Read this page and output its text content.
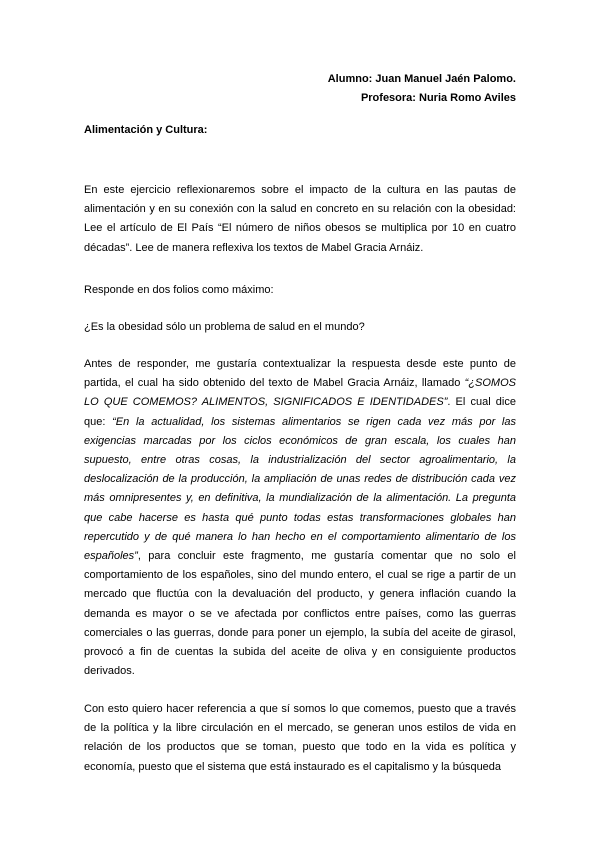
Alumno: Juan Manuel Jaén Palomo.
Profesora: Nuria Romo Aviles
Alimentación y Cultura:

En este ejercicio reflexionaremos sobre el impacto de la cultura en las pautas de alimentación y en su conexión con la salud en concreto en su relación con la obesidad: Lee el artículo de El País “El número de niños obesos se multiplica por 10 en cuatro décadas”. Lee de manera reflexiva los textos de Mabel Gracia Arnáiz.

Responde en dos folios como máximo:

¿Es la obesidad sólo un problema de salud en el mundo?

Antes de responder, me gustaría contextualizar la respuesta desde este punto de partida, el cual ha sido obtenido del texto de Mabel Gracia Arnáiz, llamado “¿SOMOS LO QUE COMEMOS? ALIMENTOS, SIGNIFICADOS E IDENTIDADES”. El cual dice que: “En la actualidad, los sistemas alimentarios se rigen cada vez más por las exigencias marcadas por los ciclos económicos de gran escala, los cuales han supuesto, entre otras cosas, la industrialización del sector agroalimentario, la deslocalización de la producción, la ampliación de unas redes de distribución cada vez más omnipresentes y, en definitiva, la mundialización de la alimentación. La pregunta que cabe hacerse es hasta qué punto todas estas transformaciones globales han repercutido y de qué manera lo han hecho en el comportamiento alimentario de los españoles”, para concluir este fragmento, me gustaría comentar que no solo el comportamiento de los españoles, sino del mundo entero, el cual se rige a partir de un mercado que fluctúa con la devaluación del producto, y genera inflación cuando la demanda es mayor o se ve afectada por conflictos entre países, como las guerras comerciales o las guerras, donde para poner un ejemplo, la subía del aceite de girasol, provocó a fin de cuentas la subida del aceite de oliva y en consiguiente productos derivados.

Con esto quiero hacer referencia a que sí somos lo que comemos, puesto que a través de la política y la libre circulación en el mercado, se generan unos estilos de vida en relación de los productos que se toman, puesto que todo en la vida es política y economía, puesto que el sistema que está instaurado es el capitalismo y la búsqueda
